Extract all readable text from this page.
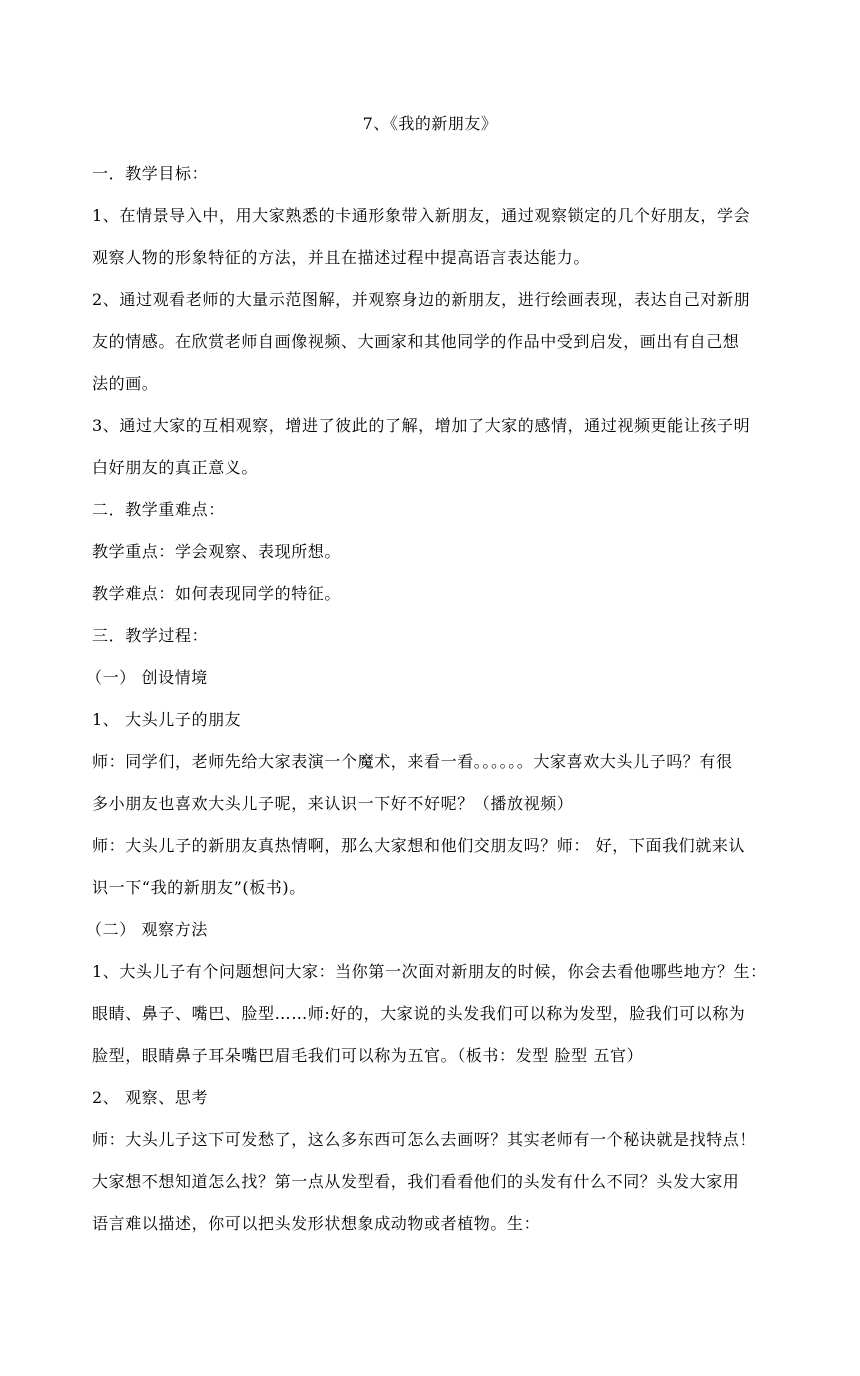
7、《我的新朋友》
一．教学目标：
1、在情景导入中，用大家熟悉的卡通形象带入新朋友，通过观察锁定的几个好朋友，学会
观察人物的形象特征的方法，并且在描述过程中提高语言表达能力。
2、通过观看老师的大量示范图解，并观察身边的新朋友，进行绘画表现，表达自己对新朋
友的情感。在欣赏老师自画像视频、大画家和其他同学的作品中受到启发，画出有自己想
法的画。
3、通过大家的互相观察，增进了彼此的了解，增加了大家的感情，通过视频更能让孩子明
白好朋友的真正意义。
二．教学重难点：
教学重点：学会观察、表现所想。
教学难点：如何表现同学的特征。
三．教学过程：
（一） 创设情境
1、 大头儿子的朋友
师：同学们，老师先给大家表演一个魔术，来看一看。。。。。。大家喜欢大头儿子吗？有很
多小朋友也喜欢大头儿子呢，来认识一下好不好呢？（播放视频）
师：大头儿子的新朋友真热情啊，那么大家想和他们交朋友吗？师： 好，下面我们就来认
识一下“我的新朋友”(板书)。
（二） 观察方法
1、大头儿子有个问题想问大家：当你第一次面对新朋友的时候，你会去看他哪些地方？生：
眼睛、鼻子、嘴巴、脸型……师:好的，大家说的头发我们可以称为发型，脸我们可以称为
脸型，眼睛鼻子耳朵嘴巴眉毛我们可以称为五官。（板书：发型 脸型 五官）
2、 观察、思考
师：大头儿子这下可发愁了，这么多东西可怎么去画呀？其实老师有一个秘诀就是找特点！
大家想不想知道怎么找？第一点从发型看，我们看看他们的头发有什么不同？头发大家用
语言难以描述，你可以把头发形状想象成动物或者植物。生：
